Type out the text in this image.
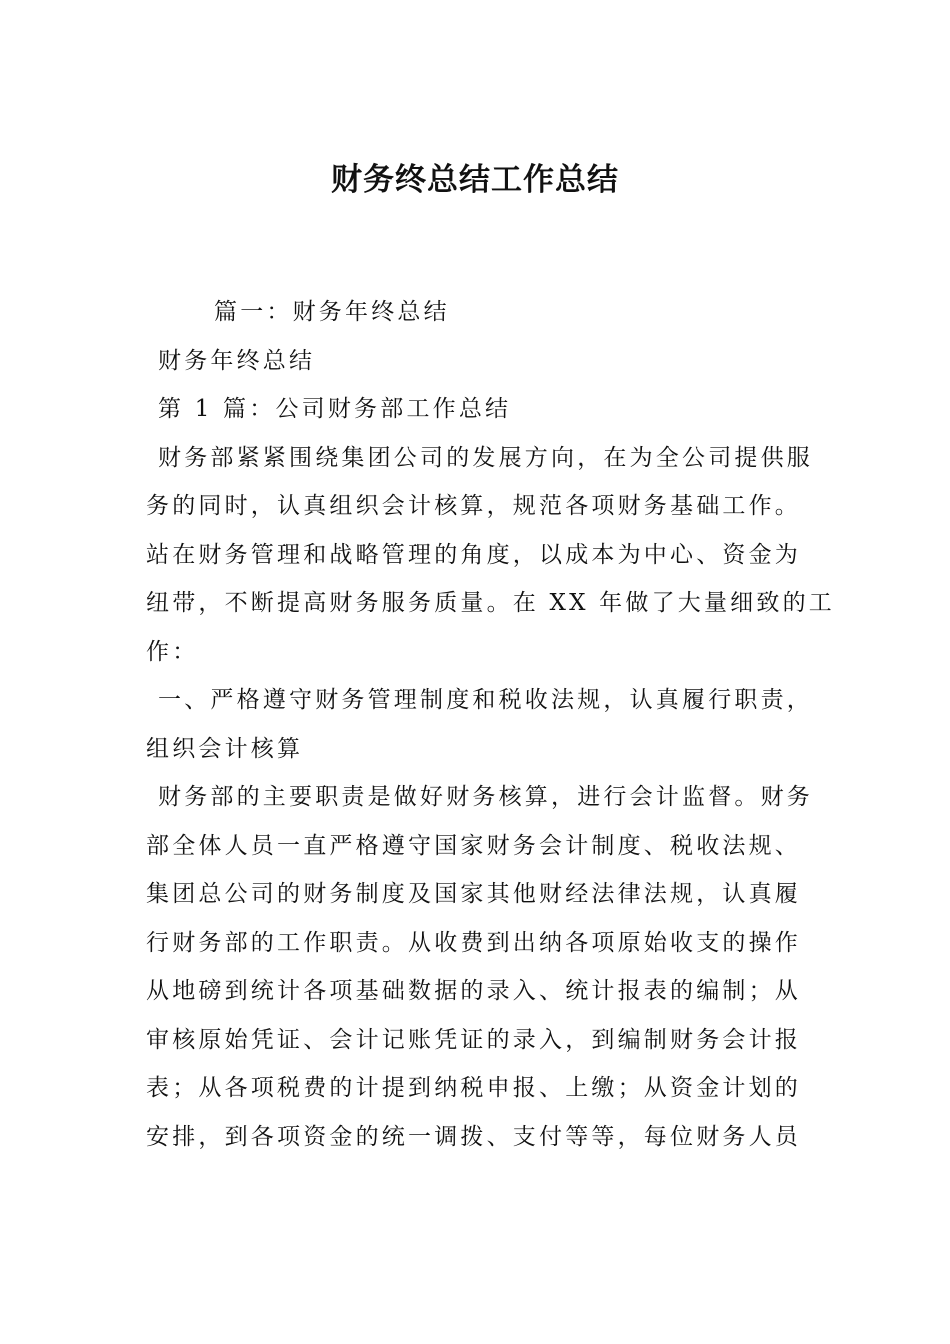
财务终总结工作总结
篇一：财务年终总结
财务年终总结
第 1 篇：公司财务部工作总结
财务部紧紧围绕集团公司的发展方向，在为全公司提供服
务的同时，认真组织会计核算，规范各项财务基础工作。
站在财务管理和战略管理的角度，以成本为中心、资金为
纽带，不断提高财务服务质量。在 XX 年做了大量细致的工
作：
一、严格遵守财务管理制度和税收法规，认真履行职责，
组织会计核算
财务部的主要职责是做好财务核算，进行会计监督。财务
部全体人员一直严格遵守国家财务会计制度、税收法规、
集团总公司的财务制度及国家其他财经法律法规，认真履
行财务部的工作职责。从收费到出纳各项原始收支的操作
从地磅到统计各项基础数据的录入、统计报表的编制；从
审核原始凭证、会计记账凭证的录入，到编制财务会计报
表；从各项税费的计提到纳税申报、上缴；从资金计划的
安排，到各项资金的统一调拨、支付等等，每位财务人员
